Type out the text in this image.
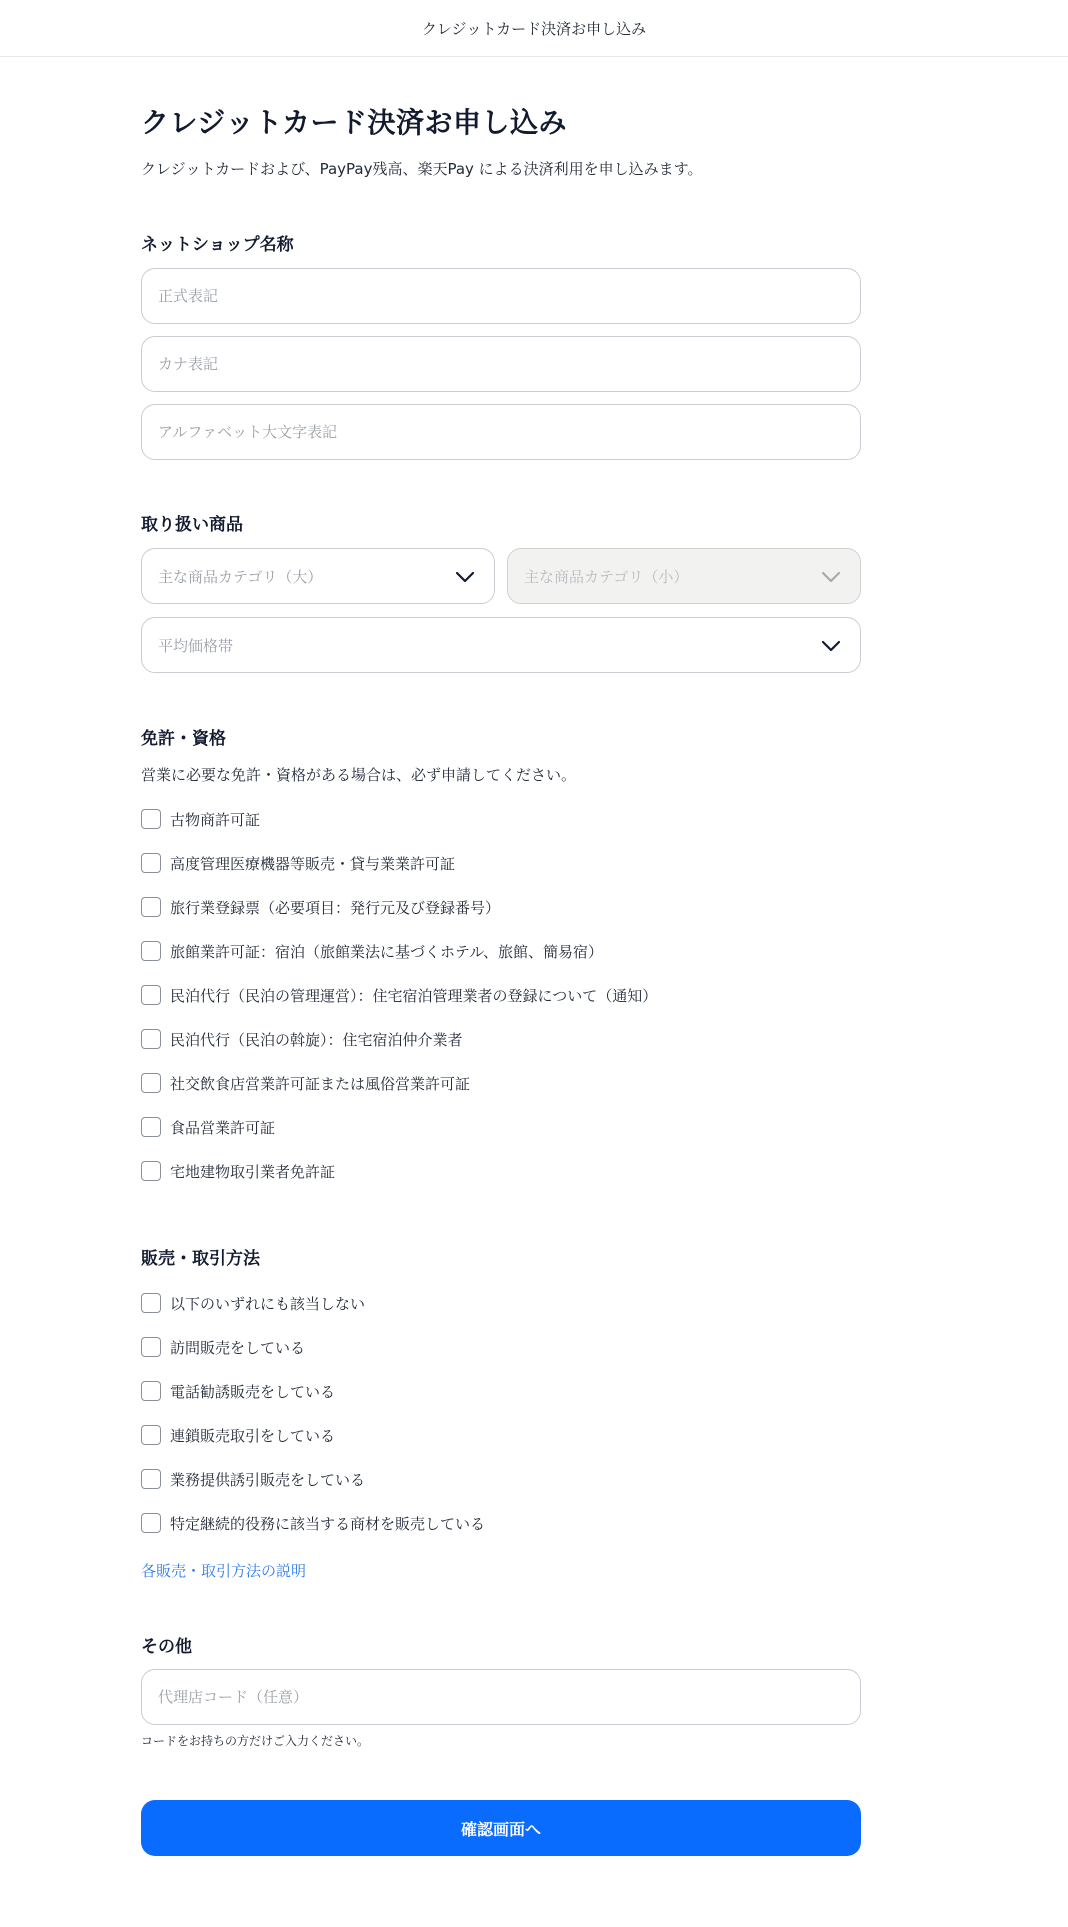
クレジットカード決済お申し込み
クレジットカード決済お申し込み

クレジットカードおよび、PayPay残高、楽天Pay による決済利用を申し込みます。

ネットショップ名称
正式表記
カナ表記
アルファベット大文字表記
取り扱い商品
主な商品カテゴリ（大）	主な商品カテゴリ（小）
平均価格帯
免許・資格

営業に必要な免許・資格がある場合は、必ず申請してください。

古物商許可証
高度管理医療機器等販売・貸与業業許可証
旅行業登録票（必要項目：発行元及び登録番号）
旅館業許可証：宿泊（旅館業法に基づくホテル、旅館、簡易宿）
民泊代行（民泊の管理運営）：住宅宿泊管理業者の登録について（通知）
民泊代行（民泊の斡旋）：住宅宿泊仲介業者
社交飲食店営業許可証または風俗営業許可証
食品営業許可証
宅地建物取引業者免許証
販売・取引方法
以下のいずれにも該当しない
訪問販売をしている
電話勧誘販売をしている
連鎖販売取引をしている
業務提供誘引販売をしている
特定継続的役務に該当する商材を販売している
各販売・取引方法の説明
その他
代理店コード（任意）

コードをお持ちの方だけご入力ください。

確認画面へ
